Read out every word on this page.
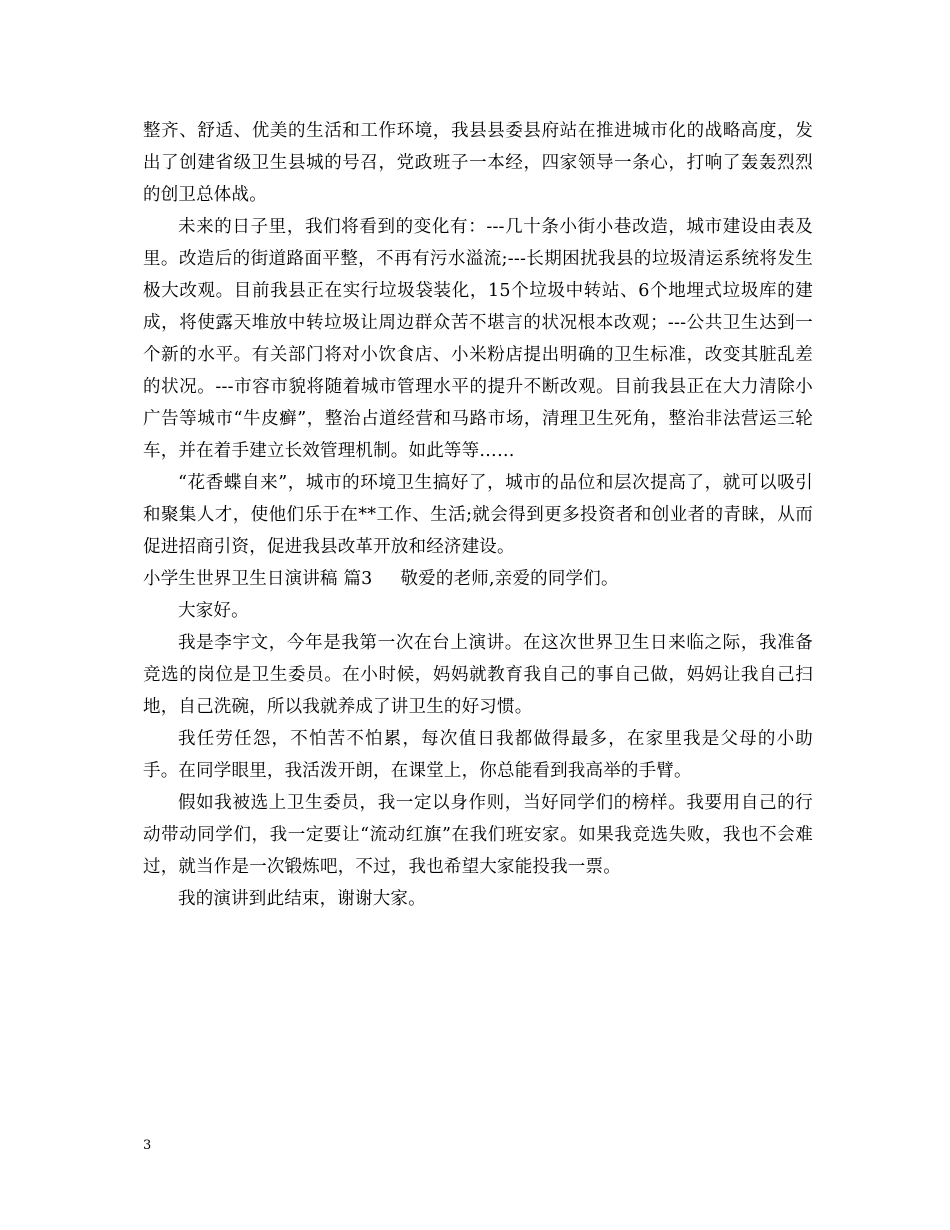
整齐、舒适、优美的生活和工作环境，我县县委县府站在推进城市化的战略高度，发出了创建省级卫生县城的号召，党政班子一本经，四家领导一条心，打响了轰轰烈烈的创卫总体战。

未来的日子里，我们将看到的变化有：---几十条小街小巷改造，城市建设由表及里。改造后的街道路面平整，不再有污水溢流;---长期困扰我县的垃圾清运系统将发生极大改观。目前我县正在实行垃圾袋装化，15个垃圾中转站、6个地埋式垃圾库的建成，将使露天堆放中转垃圾让周边群众苦不堪言的状况根本改观；---公共卫生达到一个新的水平。有关部门将对小饮食店、小米粉店提出明确的卫生标准，改变其脏乱差的状况。---市容市貌将随着城市管理水平的提升不断改观。目前我县正在大力清除小广告等城市“牛皮癣”，整治占道经营和马路市场，清理卫生死角，整治非法营运三轮车，并在着手建立长效管理机制。如此等等……

“花香蝶自来”，城市的环境卫生搞好了，城市的品位和层次提高了，就可以吸引和聚集人才，使他们乐于在**工作、生活;就会得到更多投资者和创业者的青睐，从而促进招商引资，促进我县改革开放和经济建设。

小学生世界卫生日演讲稿 篇3 敬爱的老师,亲爱的同学们。

大家好。

我是李宇文，今年是我第一次在台上演讲。在这次世界卫生日来临之际，我准备竞选的岗位是卫生委员。在小时候，妈妈就教育我自己的事自己做，妈妈让我自己扫地，自己洗碗，所以我就养成了讲卫生的好习惯。

我任劳任怨，不怕苦不怕累，每次值日我都做得最多，在家里我是父母的小助手。在同学眼里，我活泼开朗，在课堂上，你总能看到我高举的手臂。

假如我被选上卫生委员，我一定以身作则，当好同学们的榜样。我要用自己的行动带动同学们，我一定要让“流动红旗”在我们班安家。如果我竞选失败，我也不会难过，就当作是一次锻炼吧，不过，我也希望大家能投我一票。

我的演讲到此结束，谢谢大家。

3
